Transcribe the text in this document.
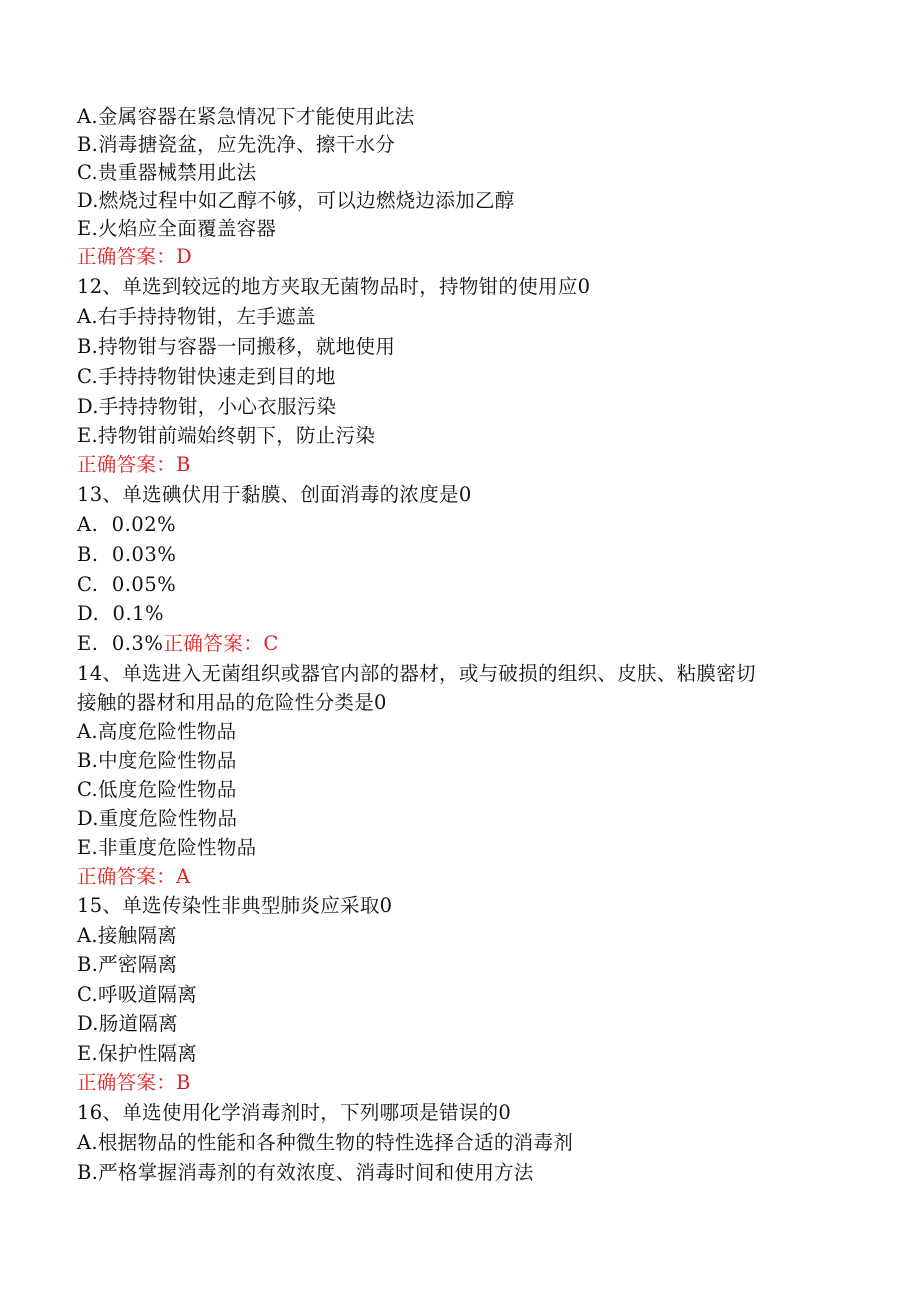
A.金属容器在紧急情况下才能使用此法
B.消毒搪瓷盆，应先洗净、擦干水分
C.贵重器械禁用此法
D.燃烧过程中如乙醇不够，可以边燃烧边添加乙醇
E.火焰应全面覆盖容器
正确答案：D
12、单选到较远的地方夹取无菌物品时，持物钳的使用应0
A.右手持持物钳，左手遮盖
B.持物钳与容器一同搬移，就地使用
C.手持持物钳快速走到目的地
D.手持持物钳，小心衣服污染
E.持物钳前端始终朝下，防止污染
正确答案：B
13、单选碘伏用于黏膜、创面消毒的浓度是0
A.  0.02%
B.  0.03%
C.  0.05%
D.  0.1%
E.  0.3%正确答案：C
14、单选进入无菌组织或器官内部的器材，或与破损的组织、皮肤、粘膜密切
接触的器材和用品的危险性分类是0
A.高度危险性物品
B.中度危险性物品
C.低度危险性物品
D.重度危险性物品
E.非重度危险性物品
正确答案：A
15、单选传染性非典型肺炎应采取0
A.接触隔离
B.严密隔离
C.呼吸道隔离
D.肠道隔离
E.保护性隔离
正确答案：B
16、单选使用化学消毒剂时，下列哪项是错误的0
A.根据物品的性能和各种微生物的特性选择合适的消毒剂
B.严格掌握消毒剂的有效浓度、消毒时间和使用方法
